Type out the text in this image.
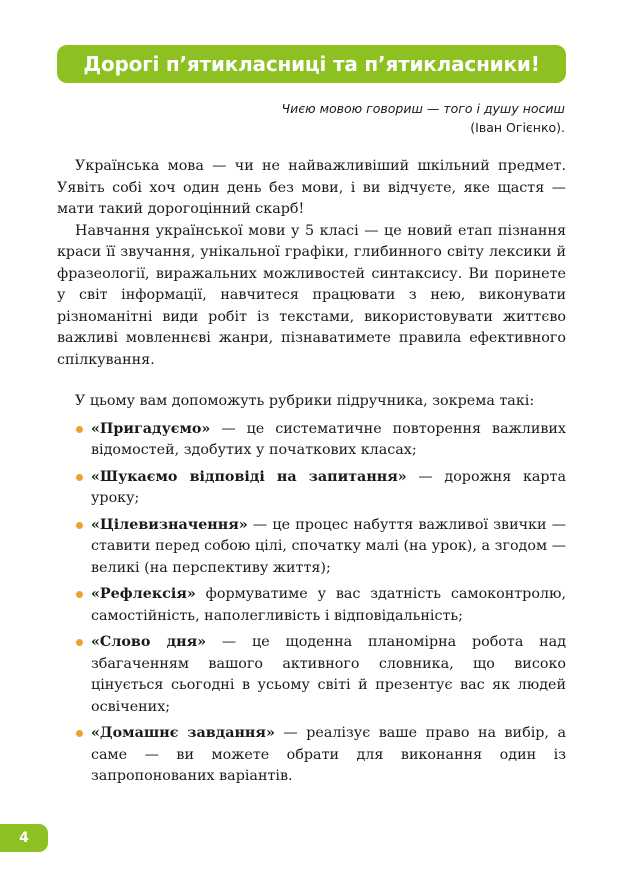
Дорогі п’ятикласниці та п’ятикласники!
Чиєю мовою говориш — того і душу носиш
(Іван Огієнко).

Українська мова — чи не найважливіший шкільний предмет. Уявіть собі хоч один день без мови, і ви відчуєте, яке щастя — мати такий дорогоцінний скарб!

Навчання української мови у 5 класі — це новий етап пізнання краси її звучання, унікальної графіки, глибинного світу лексики й фразеології, виражальних можливостей синтаксису. Ви поринете у світ інформації, навчитеся працювати з нею, виконувати різноманітні види робіт із текстами, використовувати життєво важливі мовленнєві жанри, пізнаватимете правила ефективного спілкування.

У цьому вам допоможуть рубрики підручника, зокрема такі:

«Пригадуємо» — це систематичне повторення важливих відомостей, здобутих у початкових класах;
«Шукаємо відповіді на запитання» — дорожня карта уроку;
«Цілевизначення» — це процес набуття важливої звички — ставити перед собою цілі, спочатку малі (на урок), а згодом — великі (на перспективу життя);
«Рефлексія» формуватиме у вас здатність самоконтролю, самостійність, наполегливість і відповідальність;
«Слово дня» — це щоденна планомірна робота над збагаченням вашого активного словника, що високо цінується сьогодні в усьому світі й презентує вас як людей освічених;
«Домашнє завдання» — реалізує ваше право на вибір, а саме — ви можете обрати для виконання один із запропонованих варіантів.
4
